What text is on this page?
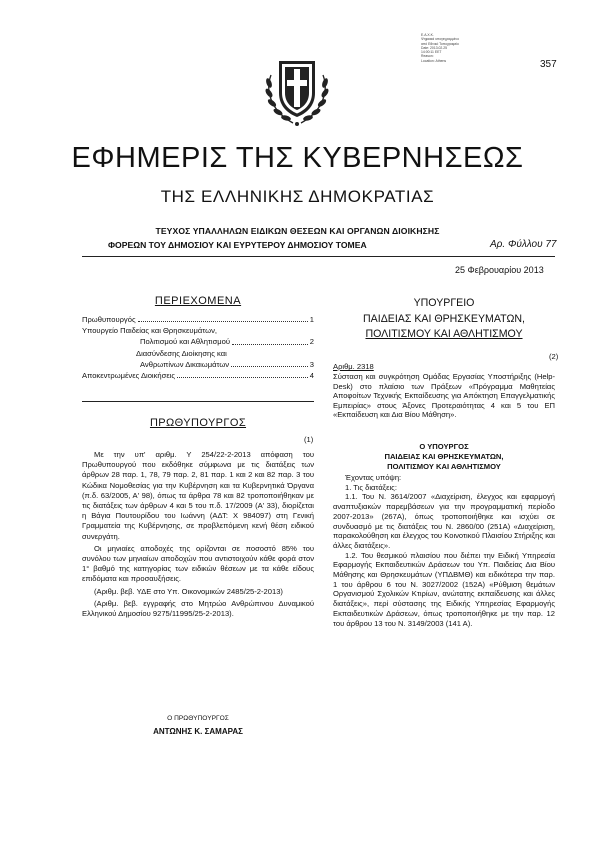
Ε.Α.Χ.Κ.
Ψηφιακά υπογεγραμμένο
από Εθνικό Τυπογραφείο
Date: 2013.02.25
14:00:11 EET
Reason:
Location: Athens	357
ΕΦΗΜΕΡΙΣ ΤΗΣ ΚΥΒΕΡΝΗΣΕΩΣ
ΤΗΣ ΕΛΛΗΝΙΚΗΣ ΔΗΜΟΚΡΑΤΙΑΣ
ΤΕΥΧΟΣ ΥΠΑΛΛΗΛΩΝ ΕΙΔΙΚΩΝ ΘΕΣΕΩΝ ΚΑΙ ΟΡΓΑΝΩΝ ΔΙΟΙΚΗΣΗΣ
ΦΟΡΕΩΝ ΤΟΥ ΔΗΜΟΣΙΟΥ ΚΑΙ ΕΥΡΥΤΕΡΟΥ ΔΗΜΟΣΙΟΥ ΤΟΜΕΑ	Αρ. Φύλλου 77
25 Φεβρουαρίου 2013
ΠΕΡΙΕΧΟΜΕΝΑ
Πρωθυπουργός	1
Υπουργείο Παιδείας και Θρησκευμάτων,
Πολιτισμού και Αθλητισμού	2
Διασύνδεσης Διοίκησης και
Ανθρωπίνων Δικαιωμάτων	3
Αποκεντρωμένες Διοικήσεις	4
ΠΡΩΘΥΠΟΥΡΓΟΣ
(1)

Με την υπ' αριθμ. Υ 254/22-2-2013 απόφαση του Πρωθυπουργού που εκδόθηκε σύμφωνα με τις διατάξεις των άρθρων 28 παρ. 1, 78, 79 παρ. 2, 81 παρ. 1 και 2 και 82 παρ. 3 του Κώδικα Νομοθεσίας για την Κυβέρνηση και τα Κυβερνητικά Όργανα (π.δ. 63/2005, Α' 98), όπως τα άρθρα 78 και 82 τροποποιήθηκαν με τις διατάξεις των άρθρων 4 και 5 του π.δ. 17/2009 (Α' 33), διορίζεται η Βάγια Πουτουρίδου του Ιωάννη (ΑΔΤ: Χ 984097) στη Γενική Γραμματεία της Κυβέρνησης, σε προβλεπόμενη κενή θέση ειδικού συνεργάτη.

Οι μηνιαίες αποδοχές της ορίζονται σε ποσοστό 85% του συνόλου των μηνιαίων αποδοχών που αντιστοιχούν κάθε φορά στον 1° βαθμό της κατηγορίας των ειδικών θέσεων με τα κάθε είδους επιδόματα και προσαυξήσεις.

(Αριθμ. βεβ. ΥΔΕ στο Υπ. Οικονομικών 2485/25-2-2013)

(Αριθμ. βεβ. εγγραφής στο Μητρώο Ανθρώπινου Δυναμικού Ελληνικού Δημοσίου 9275/11995/25-2-2013).

Ο ΠΡΩΘΥΠΟΥΡΓΟΣ
ΑΝΤΩΝΗΣ Κ. ΣΑΜΑΡΑΣ
ΥΠΟΥΡΓΕΙΟ
ΠΑΙΔΕΙΑΣ ΚΑΙ ΘΡΗΣΚΕΥΜΑΤΩΝ,
ΠΟΛΙΤΙΣΜΟΥ ΚΑΙ ΑΘΛΗΤΙΣΜΟΥ
(2)
Αριθμ. 2318
Σύσταση και συγκρότηση Ομάδας Εργασίας Υποστήριξης (Help-Desk) στο πλαίσιο των Πράξεων «Πρόγραμμα Μαθητείας Αποφοίτων Τεχνικής Εκπαίδευσης για Απόκτηση Επαγγελματικής Εμπειρίας» στους Άξονες Προτεραιότητας 4 και 5 του ΕΠ «Εκπαίδευση και Δια Βίου Μάθηση».
Ο ΥΠΟΥΡΓΟΣ
ΠΑΙΔΕΙΑΣ ΚΑΙ ΘΡΗΣΚΕΥΜΑΤΩΝ,
ΠΟΛΙΤΙΣΜΟΥ ΚΑΙ ΑΘΛΗΤΙΣΜΟΥ

Έχοντας υπόψη:

1. Τις διατάξεις:

1.1. Του Ν. 3614/2007 «Διαχείριση, έλεγχος και εφαρμογή αναπτυξιακών παρεμβάσεων για την προγραμματική περίοδο 2007-2013» (267Α), όπως τροποποιήθηκε και ισχύει σε συνδυασμό με τις διατάξεις του Ν. 2860/00 (251Α) «Διαχείριση, παρακολούθηση και έλεγχος του Κοινοτικού Πλαισίου Στήριξης και άλλες διατάξεις».

1.2. Του θεσμικού πλαισίου που διέπει την Ειδική Υπηρεσία Εφαρμογής Εκπαιδευτικών Δράσεων του Υπ. Παιδείας Δια Βίου Μάθησης και Θρησκευμάτων (ΥΠΔΒΜΘ) και ειδικότερα την παρ. 1 του άρθρου 6 του Ν. 3027/2002 (152Α) «Ρύθμιση θεμάτων Οργανισμού Σχολικών Κτιρίων, ανώτατης εκπαίδευσης και άλλες διατάξεις», περί σύστασης της Ειδικής Υπηρεσίας Εφαρμογής Εκπαιδευτικών Δράσεων, όπως τροποποιήθηκε με την παρ. 12 του άρθρου 13 του Ν. 3149/2003 (141 Α).
